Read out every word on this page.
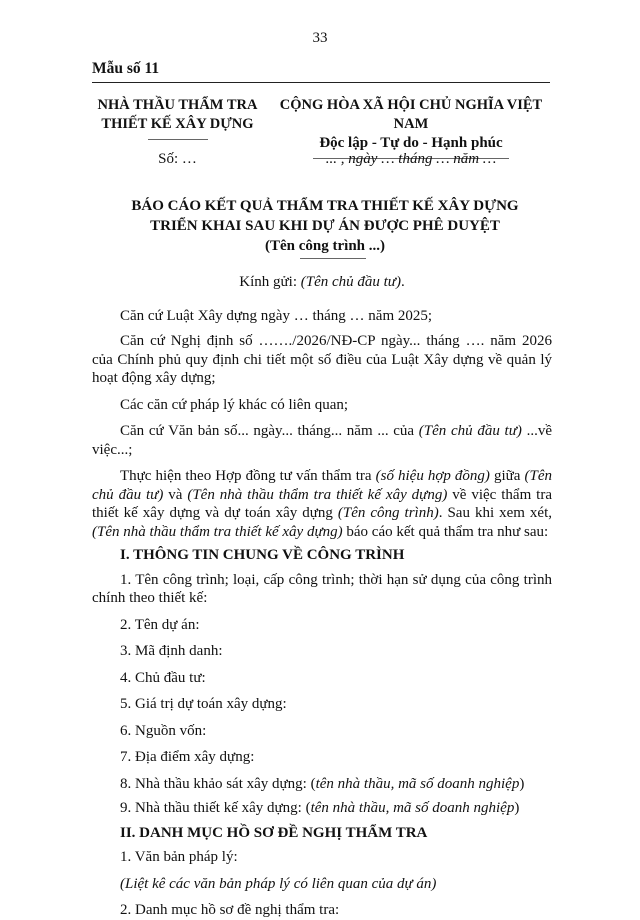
33
Mẫu số 11
NHÀ THẦU THẨM TRA
THIẾT KẾ XÂY DỰNG
CỘNG HÒA XÃ HỘI CHỦ NGHĨA VIỆT NAM
Độc lập - Tự do - Hạnh phúc
Số: …	... , ngày … tháng … năm …
BÁO CÁO KẾT QUẢ THẨM TRA THIẾT KẾ XÂY DỰNG
TRIỂN KHAI SAU KHI DỰ ÁN ĐƯỢC PHÊ DUYỆT
(Tên công trình ...)

Kính gửi: (Tên chủ đầu tư).

Căn cứ Luật Xây dựng ngày … tháng … năm 2025;

Căn cứ Nghị định số ……./2026/NĐ-CP ngày... tháng …. năm 2026 của Chính phủ quy định chi tiết một số điều của Luật Xây dựng về quản lý hoạt động xây dựng;

Các căn cứ pháp lý khác có liên quan;

Căn cứ Văn bản số... ngày... tháng... năm ... của (Tên chủ đầu tư) ...về việc...;

Thực hiện theo Hợp đồng tư vấn thẩm tra (số hiệu hợp đồng) giữa (Tên chủ đầu tư) và (Tên nhà thầu thẩm tra thiết kế xây dựng) về việc thẩm tra thiết kế xây dựng và dự toán xây dựng (Tên công trình). Sau khi xem xét, (Tên nhà thầu thẩm tra thiết kế xây dựng) báo cáo kết quả thẩm tra như sau:

I. THÔNG TIN CHUNG VỀ CÔNG TRÌNH

1. Tên công trình; loại, cấp công trình; thời hạn sử dụng của công trình chính theo thiết kế:

2. Tên dự án:

3. Mã định danh:

4. Chủ đầu tư:

5. Giá trị dự toán xây dựng:

6. Nguồn vốn:

7. Địa điểm xây dựng:

8. Nhà thầu khảo sát xây dựng: (tên nhà thầu, mã số doanh nghiệp)

9. Nhà thầu thiết kế xây dựng: (tên nhà thầu, mã số doanh nghiệp)

II. DANH MỤC HỒ SƠ ĐỀ NGHỊ THẨM TRA

1. Văn bản pháp lý:

(Liệt kê các văn bản pháp lý có liên quan của dự án)

2. Danh mục hồ sơ đề nghị thẩm tra:
